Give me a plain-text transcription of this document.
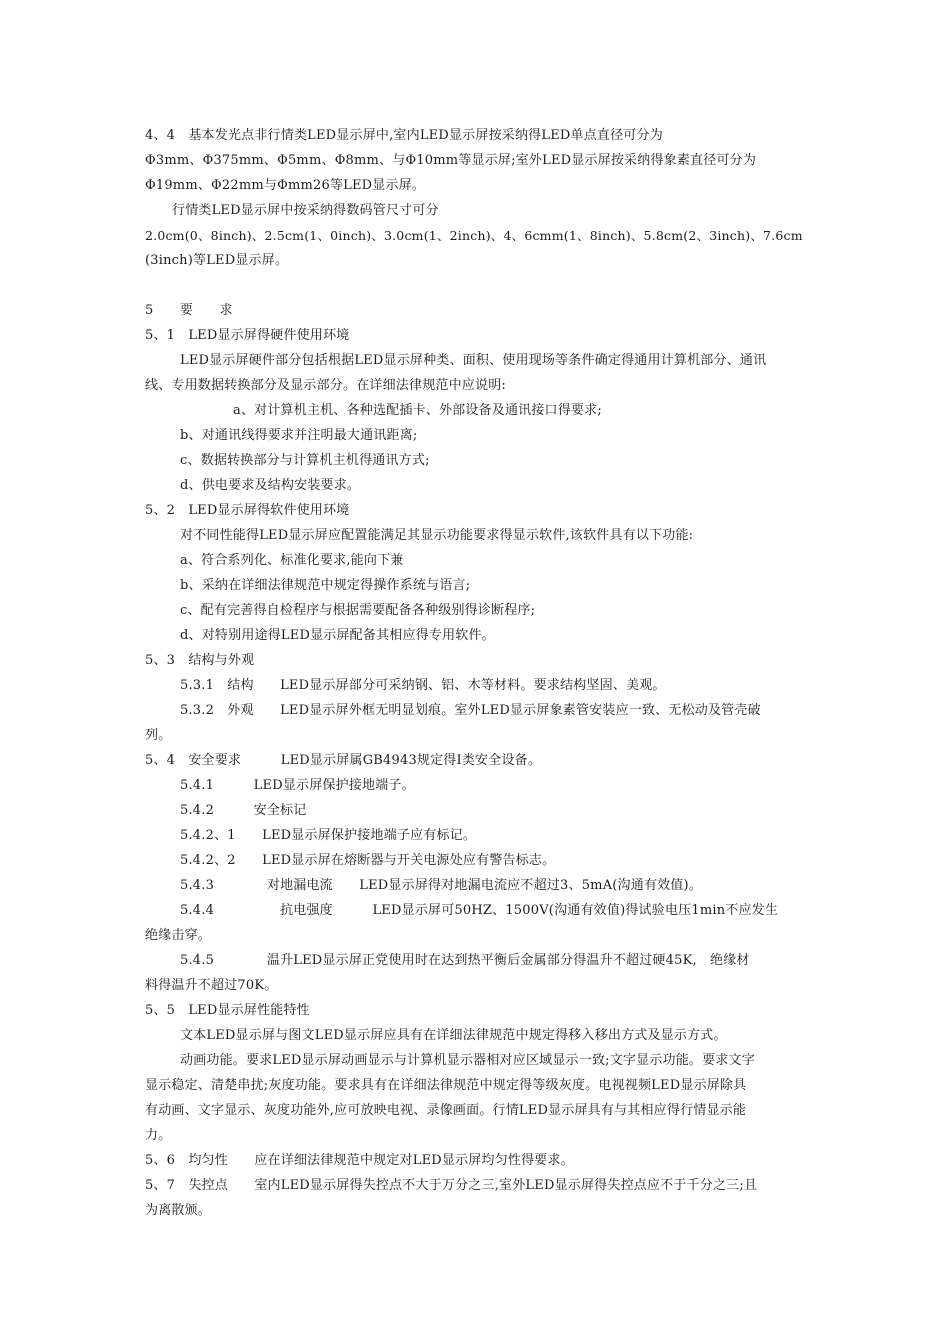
4、4　基本发光点非行情类LED显示屏中,室内LED显示屏按采纳得LED单点直径可分为
Φ3mm、Φ375mm、Φ5mm、Φ8mm、与Φ10mm等显示屏;室外LED显示屏按采纳得象素直径可分为
Φ19mm、Φ22mm与Φmm26等LED显示屏。
行情类LED显示屏中按采纳得数码管尺寸可分
2.0cm(0、8inch)、2.5cm(1、0inch)、3.0cm(1、2inch)、4、6cmm(1、8inch)、5.8cm(2、3inch)、7.6cm
(3inch)等LED显示屏。
5　　要　　求
5、1　LED显示屏得硬件使用环境
LED显示屏硬件部分包括根据LED显示屏种类、面积、使用现场等条件确定得通用计算机部分、通讯
线、专用数据转换部分及显示部分。在详细法律规范中应说明:
a、对计算机主机、各种选配插卡、外部设备及通讯接口得要求;
b、对通讯线得要求并注明最大通讯距离;
c、数据转换部分与计算机主机得通讯方式;
d、供电要求及结构安装要求。
5、2　LED显示屏得软件使用环境
对不同性能得LED显示屏应配置能满足其显示功能要求得显示软件,该软件具有以下功能:
a、符合系列化、标准化要求,能向下兼
b、采纳在详细法律规范中规定得操作系统与语言;
c、配有完善得自检程序与根据需要配备各种级别得诊断程序;
d、对特别用途得LED显示屏配备其相应得专用软件。
5、3　结构与外观
5.3.1　结构　　LED显示屏部分可采纳钢、铝、木等材料。要求结构坚固、美观。
5.3.2　外观　　LED显示屏外框无明显划痕。室外LED显示屏象素管安装应一致、无松动及管壳破
列。
5、4　安全要求　　　LED显示屏属GB4943规定得Ⅰ类安全设备。
5.4.1　　　LED显示屏保护接地端子。
5.4.2　　　安全标记
5.4.2、1　　LED显示屏保护接地端子应有标记。
5.4.2、2　　LED显示屏在熔断器与开关电源处应有警告标志。
5.4.3　　　　对地漏电流　　LED显示屏得对地漏电流应不超过3、5mA(沟通有效值)。
5.4.4　　　　　抗电强度　　　LED显示屏可50HZ、1500V(沟通有效值)得试验电压1min不应发生
绝缘击穿。
5.4.5　　　　温升LED显示屏正党使用时在达到热平衡后金属部分得温升不超过硬45K,　绝缘材
料得温升不超过70K。
5、5　LED显示屏性能特性
文本LED显示屏与图文LED显示屏应具有在详细法律规范中规定得移入移出方式及显示方式。
动画功能。要求LED显示屏动画显示与计算机显示器相对应区域显示一致;文字显示功能。要求文字
显示稳定、清楚串扰;灰度功能。要求具有在详细法律规范中规定得等级灰度。电视视频LED显示屏除具
有动画、文字显示、灰度功能外,应可放映电视、录像画面。行情LED显示屏具有与其相应得行情显示能
力。
5、6　均匀性　　应在详细法律规范中规定对LED显示屏均匀性得要求。
5、7　失控点　　室内LED显示屏得失控点不大于万分之三,室外LED显示屏得失控点应不于千分之三;且
为离散颁。
